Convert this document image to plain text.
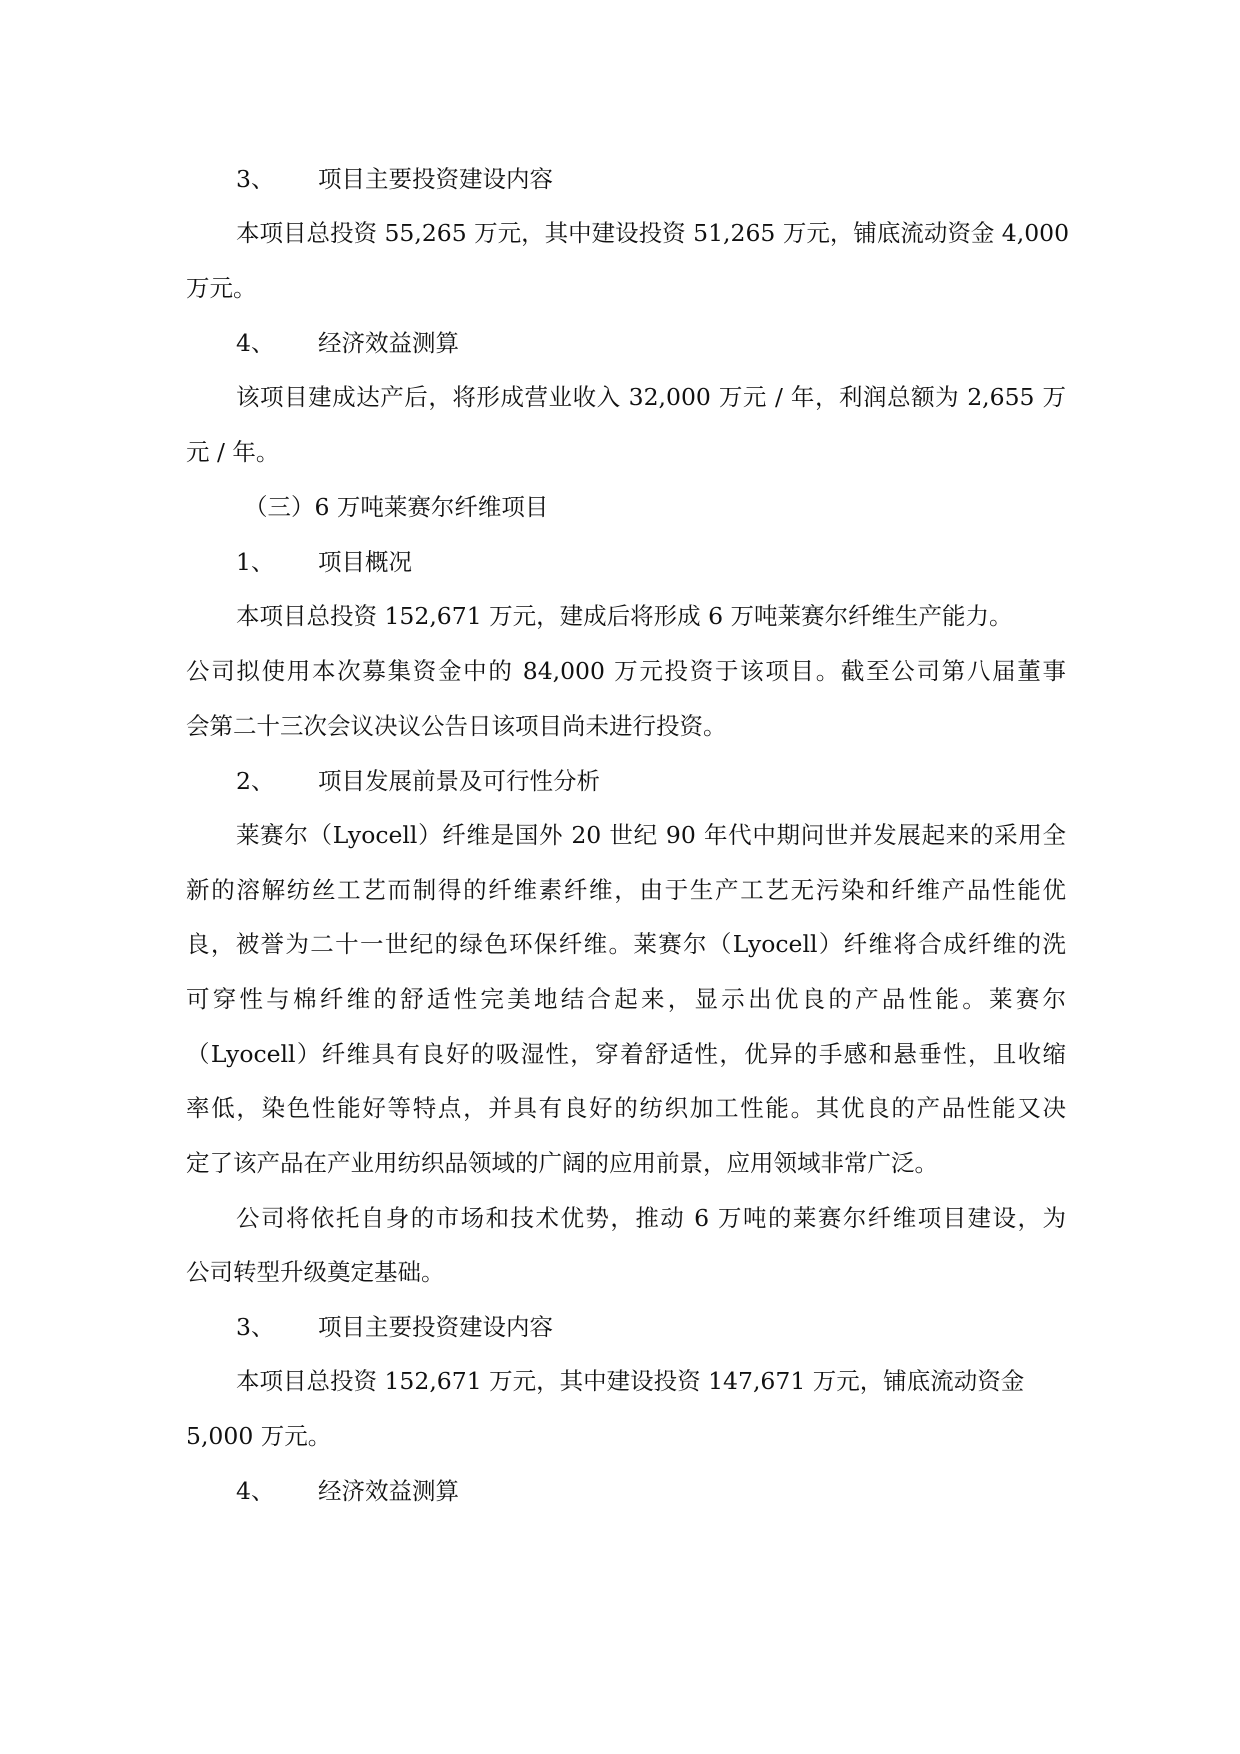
3、 项目主要投资建设内容
本项目总投资 55,265 万元，其中建设投资 51,265 万元，铺底流动资金 4,000
万元。
4、 经济效益测算
该项目建成达产后，将形成营业收入 32,000 万元 / 年，利润总额为 2,655 万
元 / 年。
（三）6 万吨莱赛尔纤维项目
1、 项目概况
本项目总投资 152,671 万元，建成后将形成 6 万吨莱赛尔纤维生产能力。
公司拟使用本次募集资金中的 84,000 万元投资于该项目。截至公司第八届董事
会第二十三次会议决议公告日该项目尚未进行投资。
2、 项目发展前景及可行性分析
莱赛尔（Lyocell）纤维是国外 20 世纪 90 年代中期问世并发展起来的采用全
新的溶解纺丝工艺而制得的纤维素纤维，由于生产工艺无污染和纤维产品性能优
良，被誉为二十一世纪的绿色环保纤维。莱赛尔（Lyocell）纤维将合成纤维的洗
可穿性与棉纤维的舒适性完美地结合起来，显示出优良的产品性能。莱赛尔
（Lyocell）纤维具有良好的吸湿性，穿着舒适性，优异的手感和悬垂性，且收缩
率低，染色性能好等特点，并具有良好的纺织加工性能。其优良的产品性能又决
定了该产品在产业用纺织品领域的广阔的应用前景，应用领域非常广泛。
公司将依托自身的市场和技术优势，推动 6 万吨的莱赛尔纤维项目建设，为
公司转型升级奠定基础。
3、 项目主要投资建设内容
本项目总投资 152,671 万元，其中建设投资 147,671 万元，铺底流动资金
5,000 万元。
4、 经济效益测算
